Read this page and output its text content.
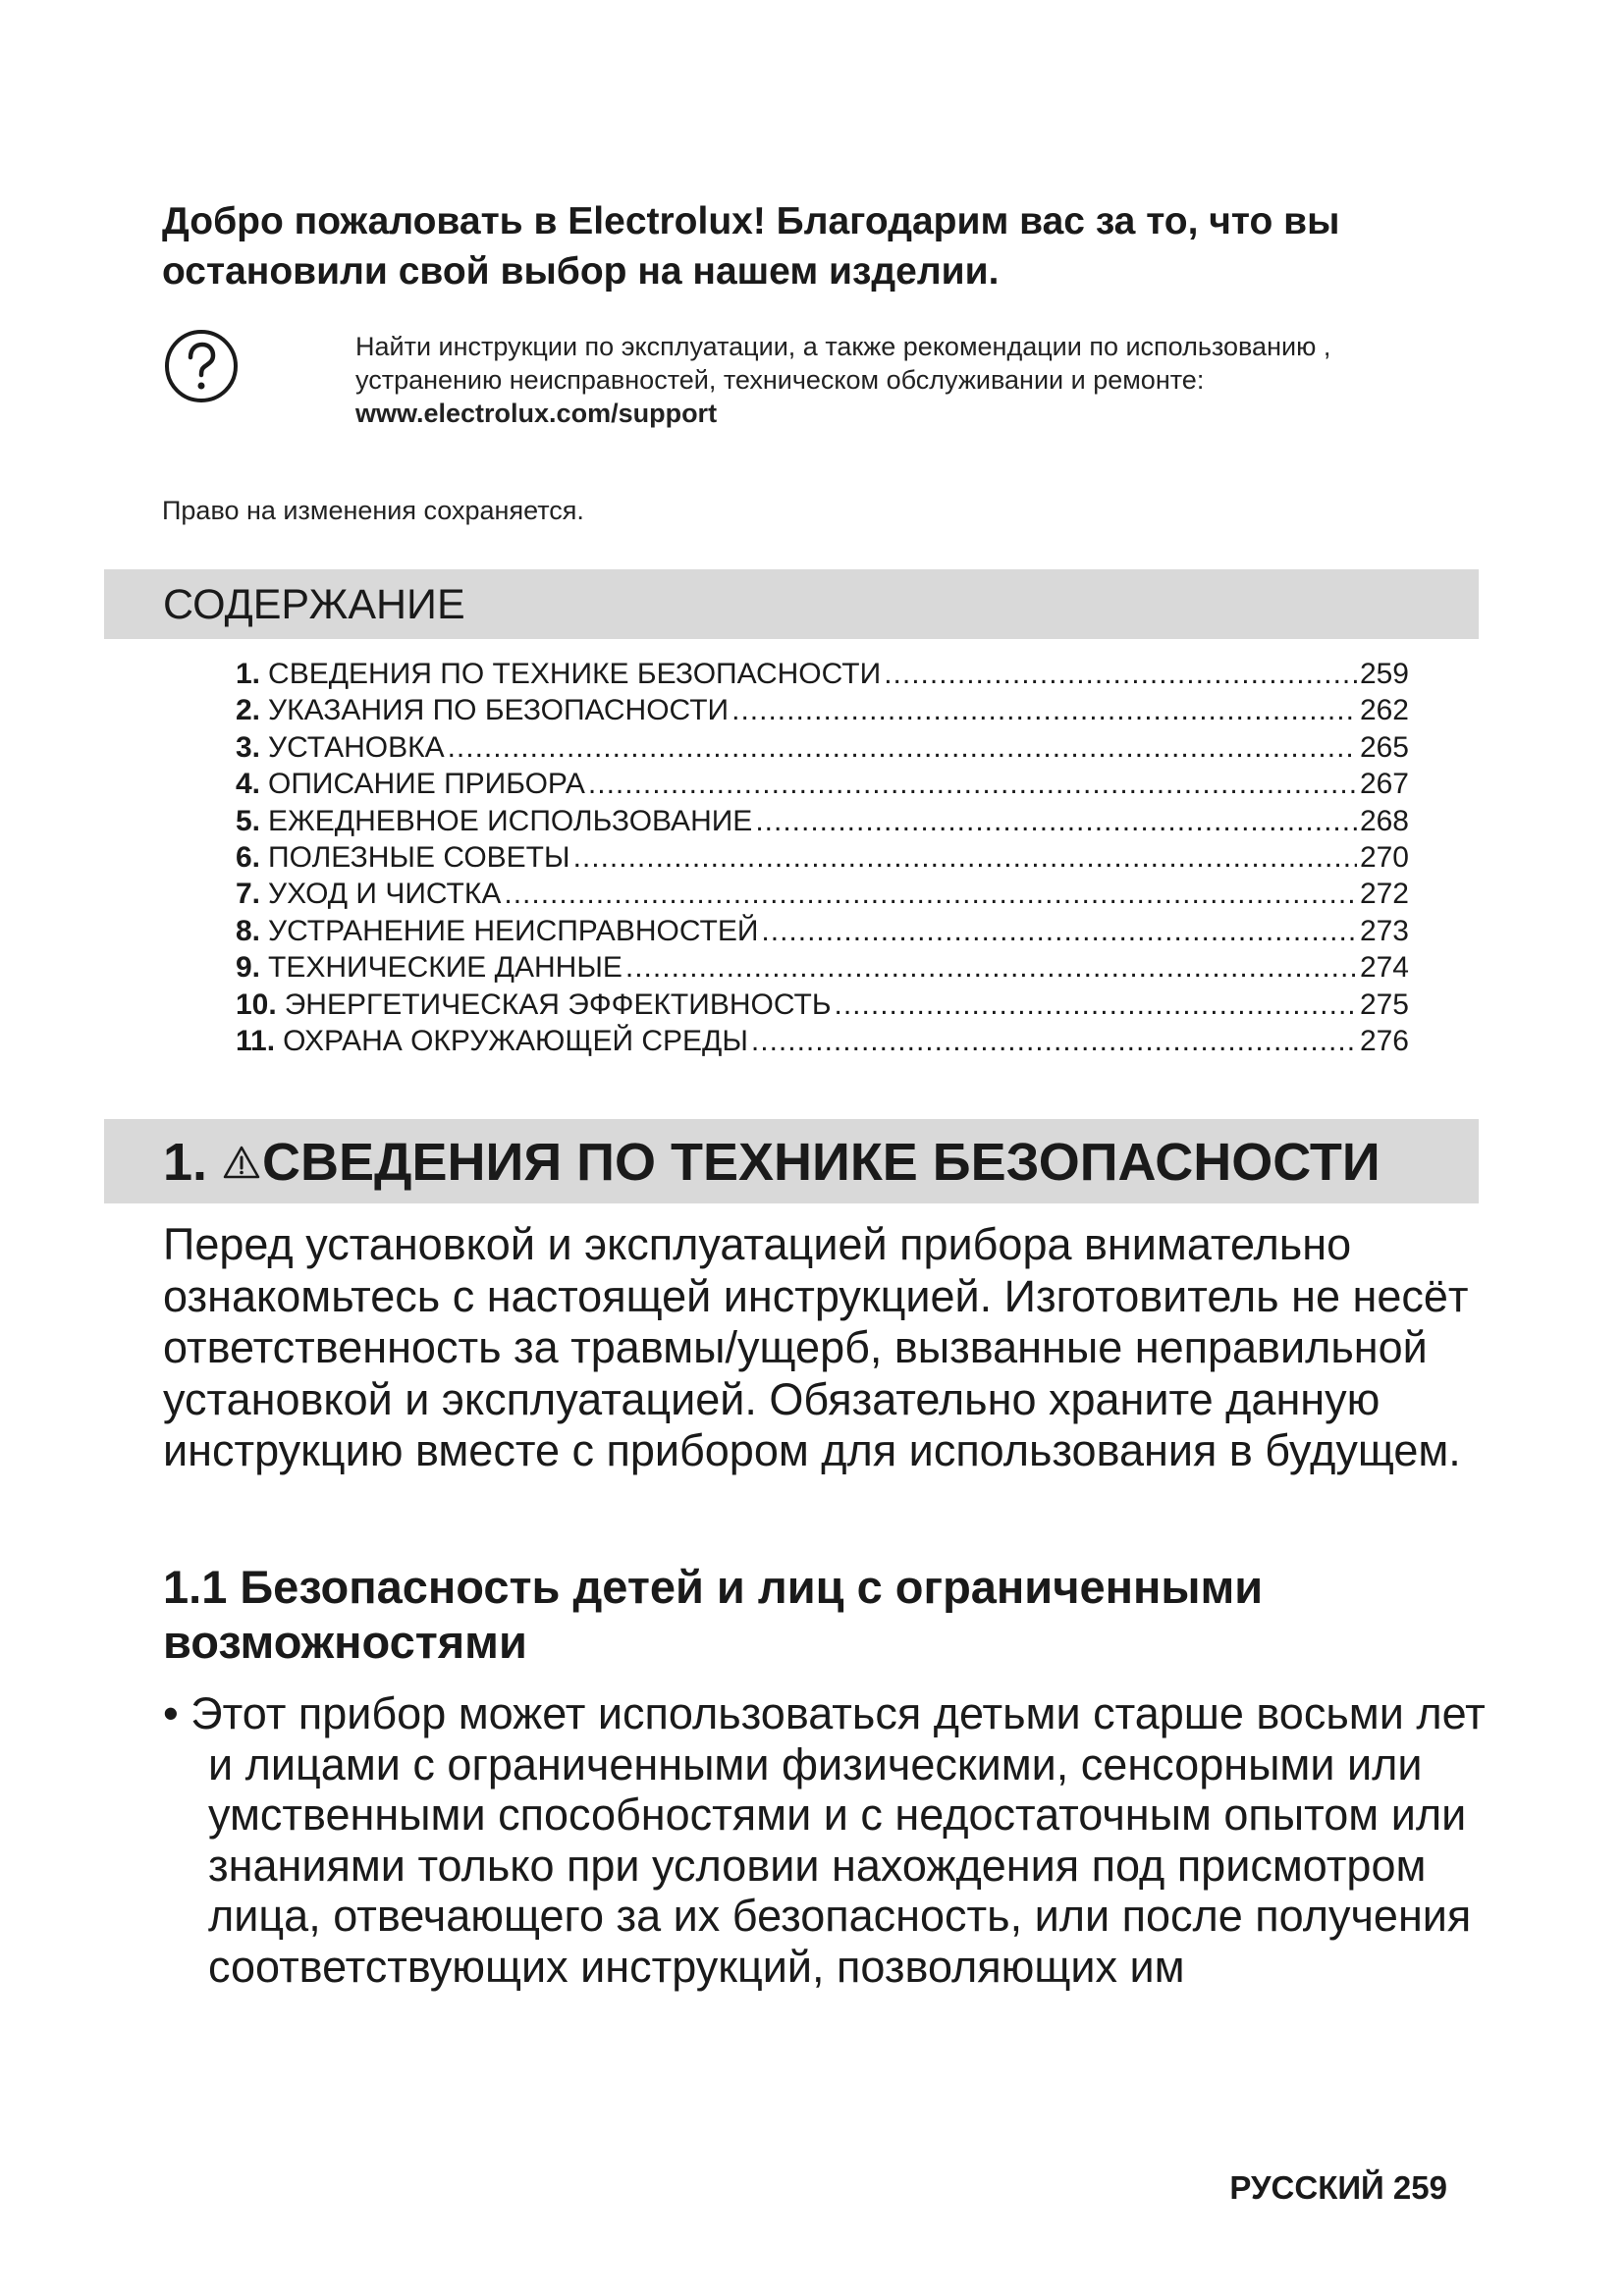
Добро пожаловать в Electrolux! Благодарим вас за то, что вы остановили свой выбор на нашем изделии.
Найти инструкции по эксплуатации, а также рекомендации по использованию , устранению неисправностей, техническом обслуживании и ремонте:
www.electrolux.com/support
Право на изменения сохраняется.
СОДЕРЖАНИЕ
1. СВЕДЕНИЯ ПО ТЕХНИКЕ БЕЗОПАСНОСТИ .....	259
2. УКАЗАНИЯ ПО БЕЗОПАСНОСТИ .....	262
3. УСТАНОВКА .....	265
4. ОПИСАНИЕ ПРИБОРА .....	267
5. ЕЖЕДНЕВНОЕ ИСПОЛЬЗОВАНИЕ .....	268
6. ПОЛЕЗНЫЕ СОВЕТЫ .....	270
7. УХОД И ЧИСТКА .....	272
8. УСТРАНЕНИЕ НЕИСПРАВНОСТЕЙ .....	273
9. ТЕХНИЧЕСКИЕ ДАННЫЕ .....	274
10. ЭНЕРГЕТИЧЕСКАЯ ЭФФЕКТИВНОСТЬ .....	275
11. ОХРАНА ОКРУЖАЮЩЕЙ СРЕДЫ .....	276
1. СВЕДЕНИЯ ПО ТЕХНИКЕ БЕЗОПАСНОСТИ
Перед установкой и эксплуатацией прибора внимательно ознакомьтесь с настоящей инструкцией. Изготовитель не несёт ответственность за травмы/ущерб, вызванные неправильной установкой и эксплуатацией. Обязательно храните данную инструкцию вместе с прибором для использования в будущем.
1.1 Безопасность детей и лиц с ограниченными возможностями
• Этот прибор может использоваться детьми старше восьми лет и лицами с ограниченными физическими, сенсорными или умственными способностями и с недостаточным опытом или знаниями только при условии нахождения под присмотром лица, отвечающего за их безопасность, или после получения соответствующих инструкций, позволяющих им
РУССКИЙ 259
